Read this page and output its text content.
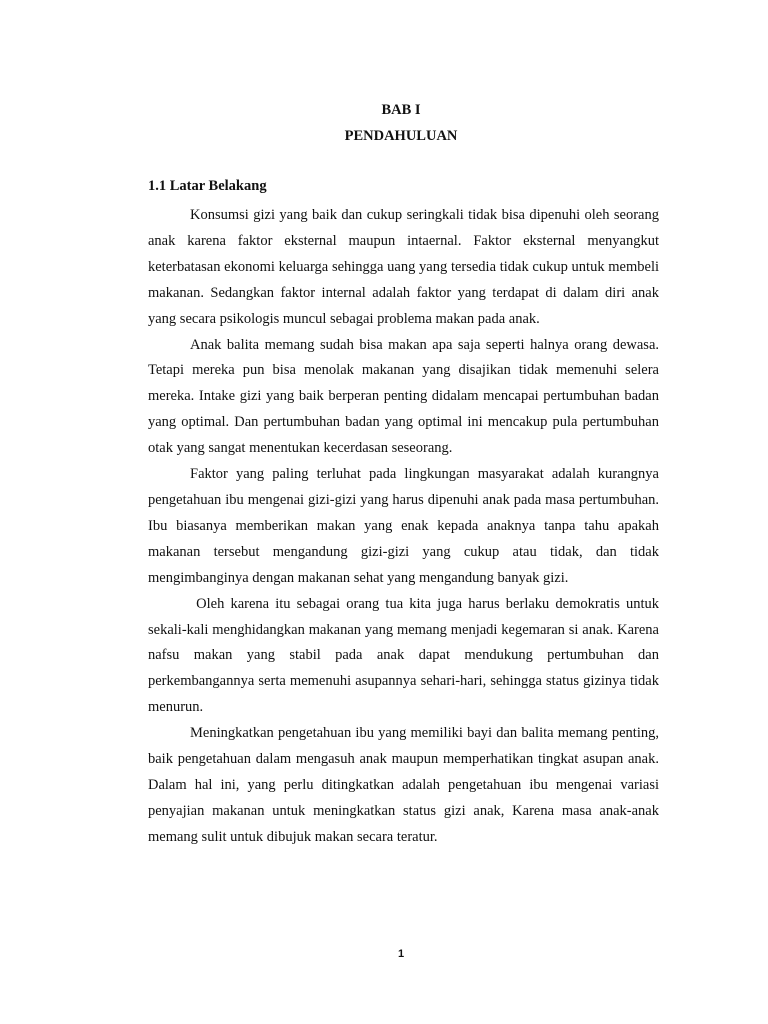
BAB I
PENDAHULUAN
1.1 Latar Belakang

Konsumsi gizi yang baik dan cukup seringkali tidak bisa dipenuhi oleh seorang anak karena faktor eksternal maupun intaernal. Faktor eksternal menyangkut keterbatasan ekonomi keluarga sehingga uang yang tersedia tidak cukup untuk membeli makanan. Sedangkan faktor internal adalah faktor yang terdapat di dalam diri anak yang secara psikologis muncul sebagai problema makan pada anak.

Anak balita memang sudah bisa makan apa saja seperti halnya orang dewasa. Tetapi mereka pun bisa menolak makanan yang disajikan tidak memenuhi selera mereka. Intake gizi yang baik berperan penting didalam mencapai pertumbuhan badan yang optimal. Dan pertumbuhan badan yang optimal ini mencakup pula pertumbuhan otak yang sangat menentukan kecerdasan seseorang.

Faktor yang paling terluhat pada lingkungan masyarakat adalah kurangnya pengetahuan ibu mengenai gizi-gizi yang harus dipenuhi anak pada masa pertumbuhan. Ibu biasanya memberikan makan yang enak kepada anaknya tanpa tahu apakah makanan tersebut mengandung gizi-gizi yang cukup atau tidak, dan tidak mengimbanginya dengan makanan sehat yang mengandung banyak gizi.

Oleh karena itu sebagai orang tua kita juga harus berlaku demokratis untuk sekali-kali menghidangkan makanan yang memang menjadi kegemaran si anak. Karena nafsu makan yang stabil pada anak dapat mendukung pertumbuhan dan perkembangannya serta memenuhi asupannya sehari-hari, sehingga status gizinya tidak menurun.

Meningkatkan pengetahuan ibu yang memiliki bayi dan balita memang penting, baik pengetahuan dalam mengasuh anak maupun memperhatikan tingkat asupan anak. Dalam hal ini, yang perlu ditingkatkan adalah pengetahuan ibu mengenai variasi penyajian makanan untuk meningkatkan status gizi anak, Karena masa anak-anak memang sulit untuk dibujuk makan secara teratur.

1
